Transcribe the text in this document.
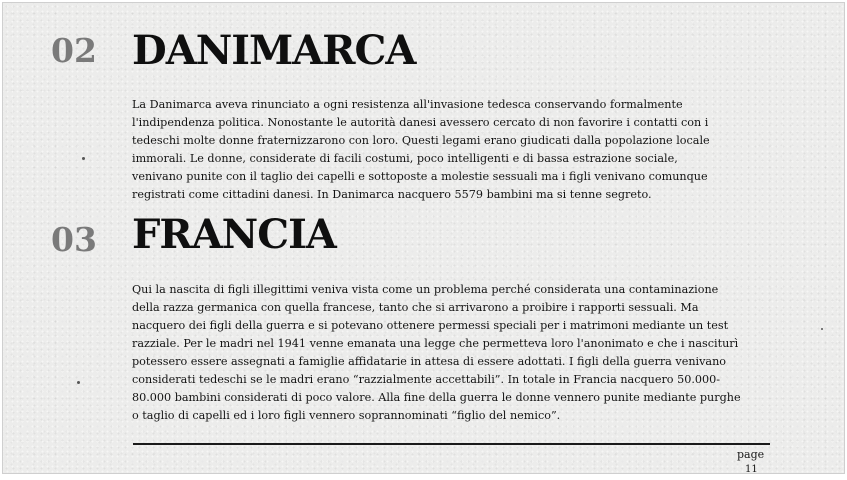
02 DANIMARCA
La Danimarca aveva rinunciato a ogni resistenza all'invasione tedesca conservando formalmente
l'indipendenza politica. Nonostante le autorità danesi avessero cercato di non favorire i contatti con i
tedeschi molte donne fraternizzarono con loro. Questi legami erano giudicati dalla popolazione locale
immorali. Le donne, considerate di facili costumi, poco intelligenti e di bassa estrazione sociale,
venivano punite con il taglio dei capelli e sottoposte a molestie sessuali ma i figli venivano comunque
registrati come cittadini danesi. In Danimarca nacquero 5579 bambini ma si tenne segreto.
03 FRANCIA
Qui la nascita di figli illegittimi veniva vista come un problema perché considerata una contaminazione
della razza germanica con quella francese, tanto che si arrivarono a proibire i rapporti sessuali. Ma
nacquero dei figli della guerra e si potevano ottenere permessi speciali per i matrimoni mediante un test
razziale. Per le madri nel 1941 venne emanata una legge che permetteva loro l'anonimato e che i nasciturì
potessero essere assegnati a famiglie affidatarie in attesa di essere adottati. I figli della guerra venivano
considerati tedeschi se le madri erano “razzialmente accettabili”. In totale in Francia nacquero 50.000-
80.000 bambini considerati di poco valore. Alla fine della guerra le donne vennero punite mediante purghe
o taglio di capelli ed i loro figli vennero soprannominati “figlio del nemico”.
page
11
